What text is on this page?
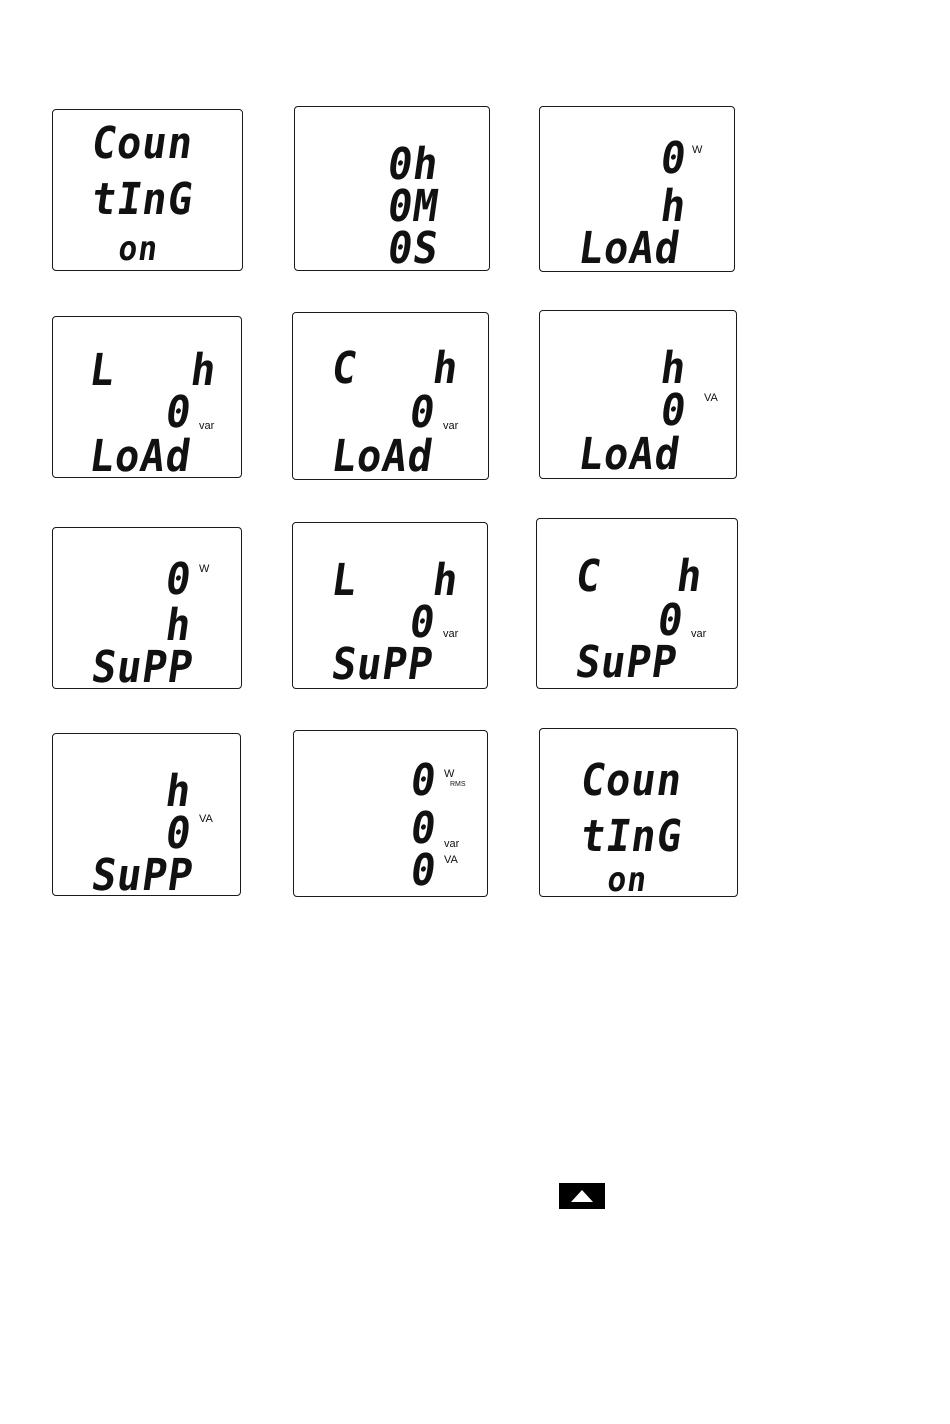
Coun
tInG
on
0h
0M
0S
0 W
h
LoAd
L   h
0 var
LoAd
C   h
0 var
LoAd
h
0 VA
LoAd
0 W
h
SuPP
L   h
0 var
SuPP
C   h
0 var
SuPP
h
0 VA
SuPP
0 W
RMS
0 var
0 VA
Coun
tInG
on
